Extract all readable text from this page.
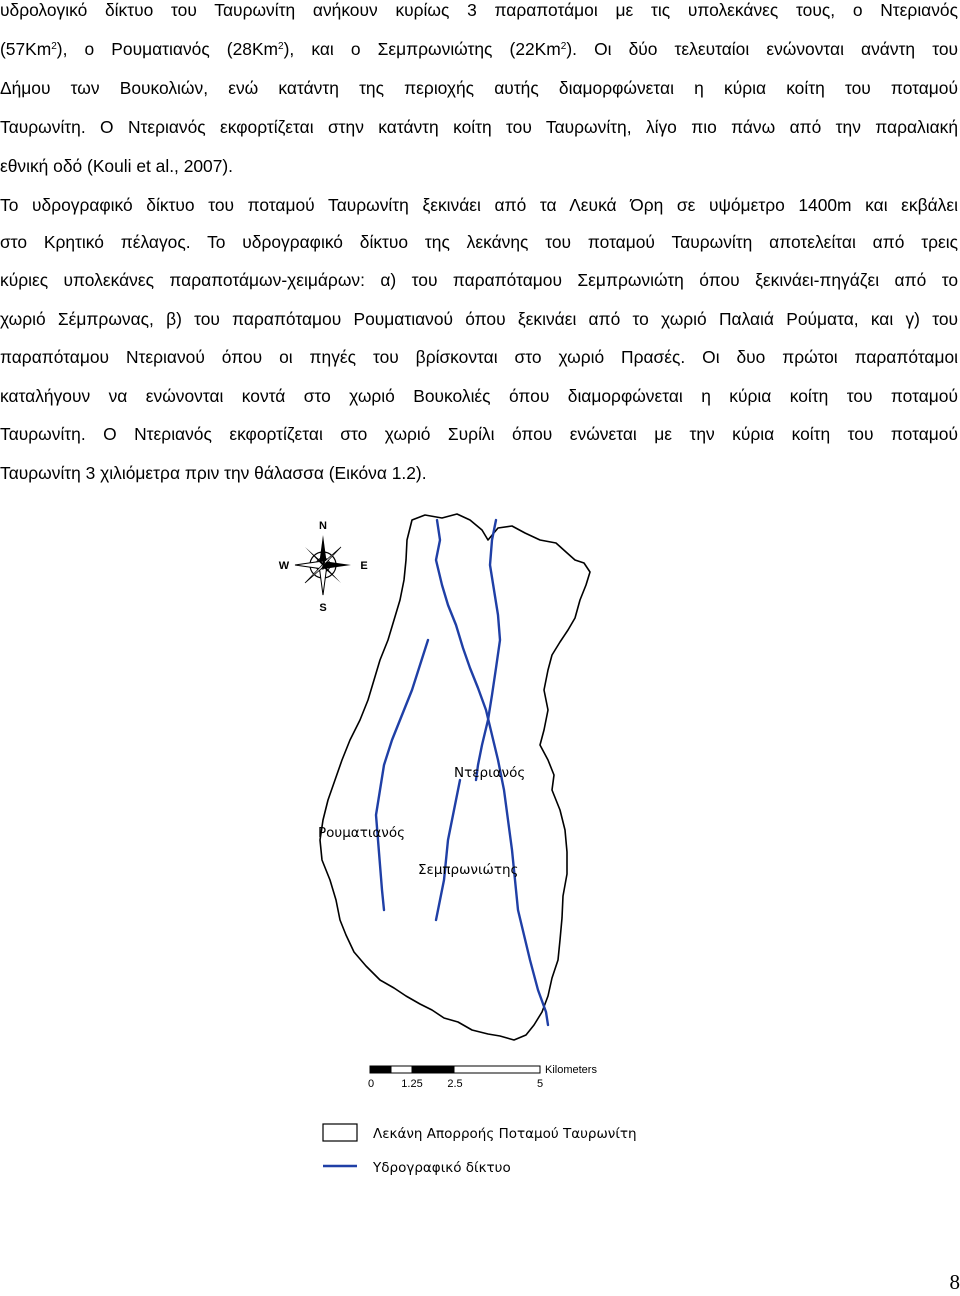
υδρολογικό δίκτυο του Ταυρωνίτη ανήκουν κυρίως 3 παραποτάμοι με τις υπολεκάνες τους, ο Ντεριανός
(57Km$^2$), ο Ρουματιανός (28Km$^2$), και ο Σεμπρωνιώτης (22Km$^2$). Οι δύο τελευταίοι ενώνονται ανάντη του
Δήμου των Βουκολιών, ενώ κατάντη της περιοχής αυτής διαμορφώνεται η κύρια κοίτη του ποταμού
Ταυρωνίτη. Ο Ντεριανός εκφορτίζεται στην κατάντη κοίτη του Ταυρωνίτη, λίγο πιο πάνω από την παραλιακή
εθνική οδό (Kouli et al., 2007).
Το υδρογραφικό δίκτυο του ποταμού Ταυρωνίτη ξεκινάει από τα Λευκά Όρη σε υψόμετρο 1400m και εκβάλει
στο Κρητικό πέλαγος. Το υδρογραφικό δίκτυο της λεκάνης του ποταμού Ταυρωνίτη αποτελείται από τρεις
κύριες υπολεκάνες παραποτάμων-χειμάρων: α) του παραπόταμου Σεμπρωνιώτη όπου ξεκινάει-πηγάζει από το
χωριό Σέμπρωνας, β) του παραπόταμου Ρουματιανού όπου ξεκινάει από το χωριό Παλαιά Ρούματα, και γ) του
παραπόταμου Ντεριανού όπου οι πηγές του βρίσκονται στο χωριό Πρασές. Οι δυο πρώτοι παραπόταμοι
καταλήγουν να ενώνονται κοντά στο χωριό Βουκολιές όπου διαμορφώνεται η κύρια κοίτη του ποταμού
Ταυρωνίτη. Ο Ντεριανός εκφορτίζεται στο χωριό Συρίλι όπου ενώνεται με την κύρια κοίτη του ποταμού
Ταυρωνίτη 3 χιλιόμετρα πριν την θάλασσα (Εικόνα 1.2).
N
S
E
W
Ντεριανός
Ρουματιανός
Σεμπρωνιώτης
Kilometers
0 1.25 2.5	5
Λεκάνη Απορροής Ποταμού Ταυρωνίτη
Υδρογραφικό δίκτυο
8
